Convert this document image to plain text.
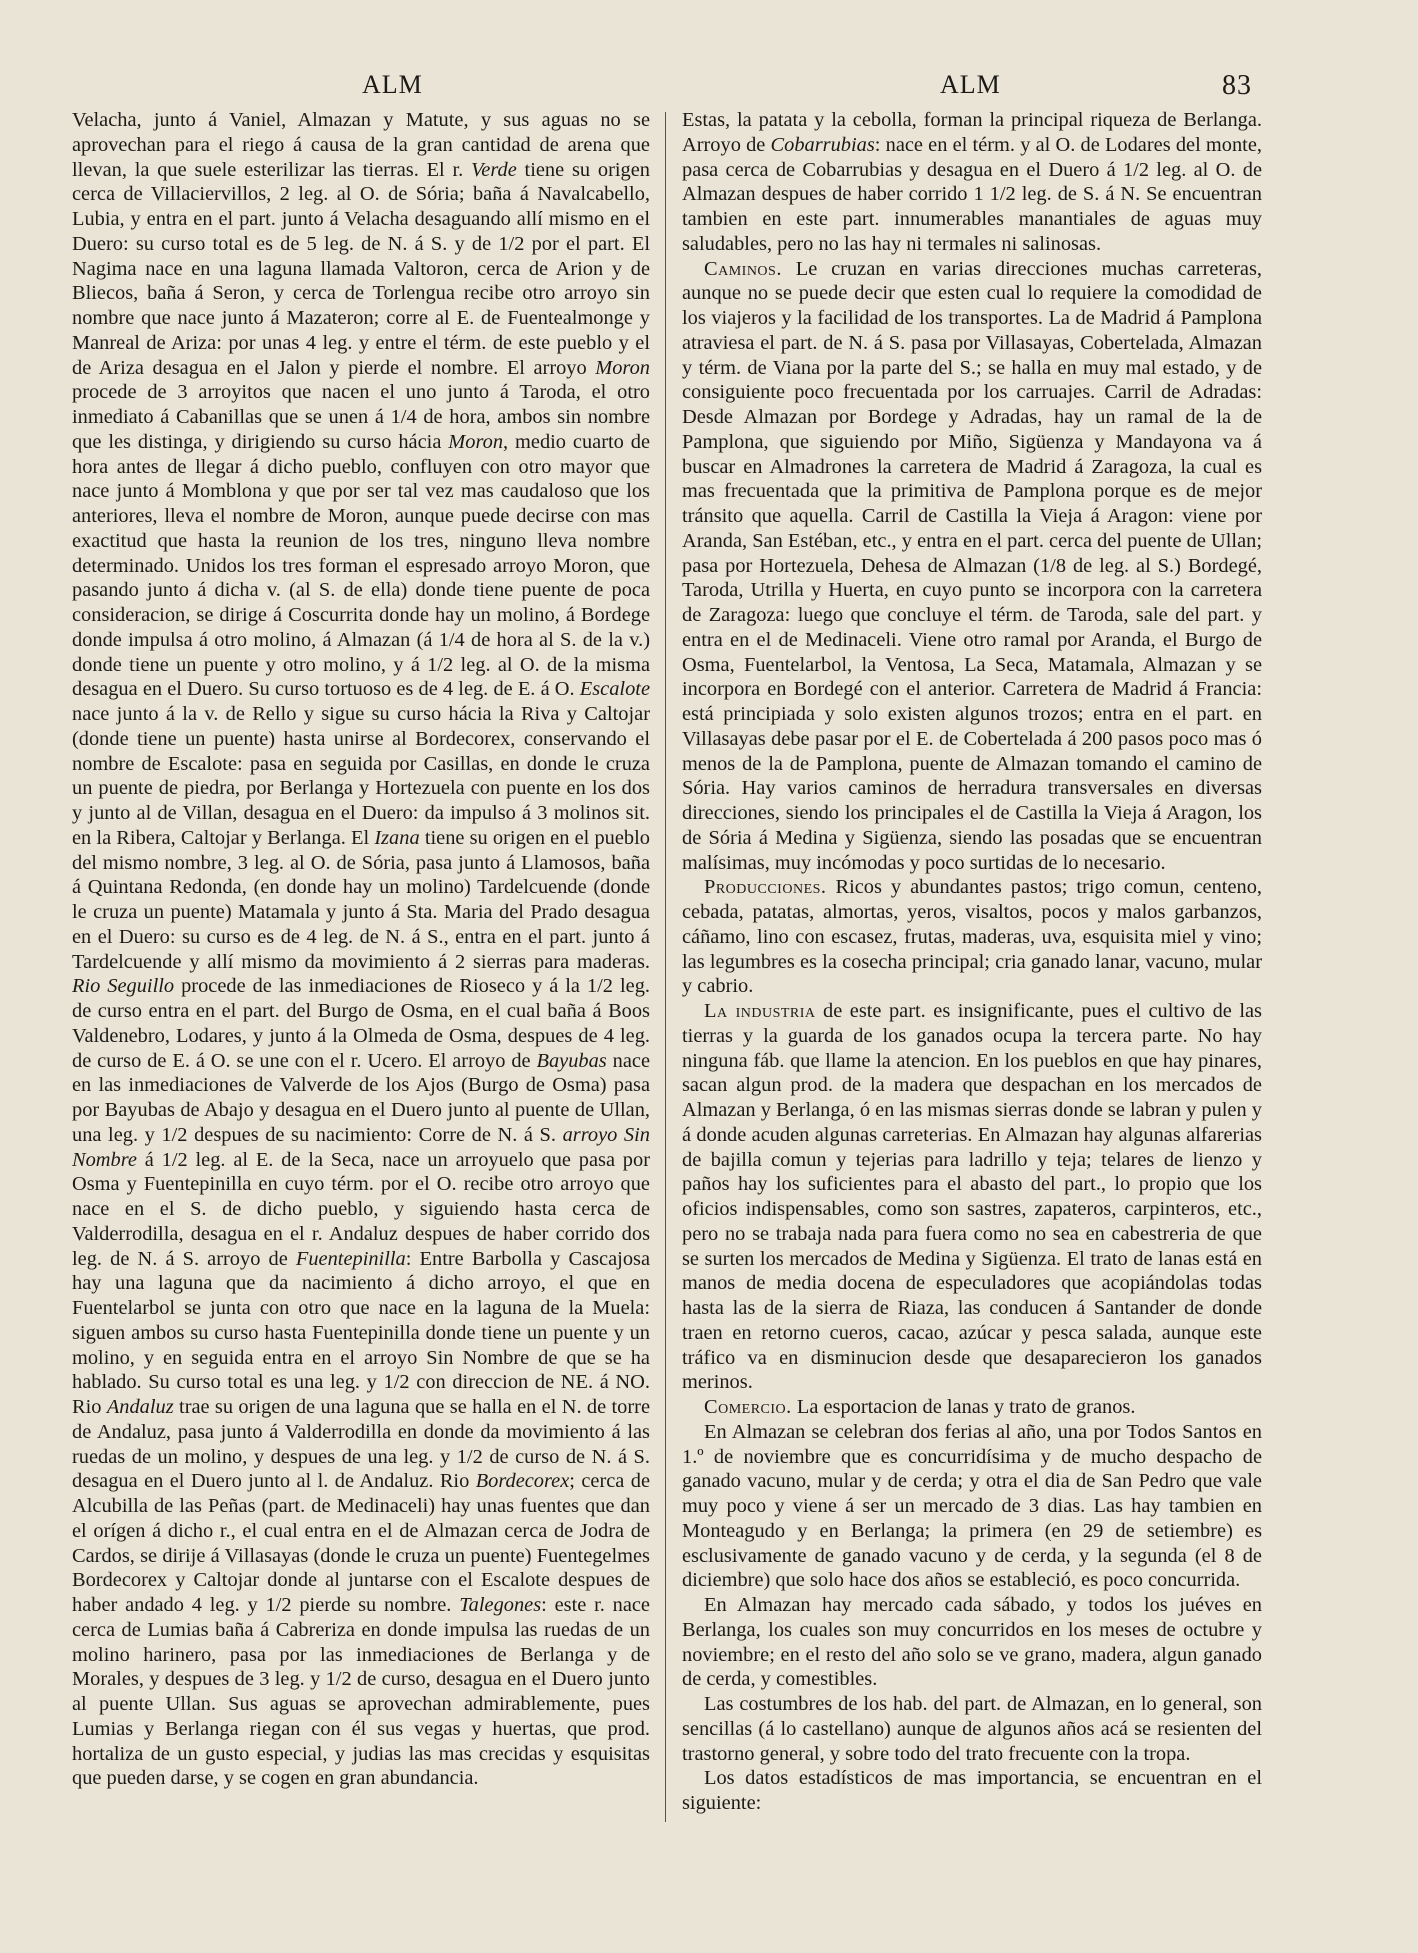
ALM	ALM	83

Velacha, junto á Vaniel, Almazan y Matute, y sus aguas no se aprovechan para el riego á causa de la gran cantidad de arena que llevan, la que suele esterilizar las tierras. El r. Verde tiene su origen cerca de Villaciervillos, 2 leg. al O. de Sória; baña á Navalcabello, Lubia, y entra en el part. junto á Velacha desaguando allí mismo en el Duero: su curso total es de 5 leg. de N. á S. y de 1/2 por el part. El Nagima nace en una laguna llamada Valtoron, cerca de Arion y de Bliecos, baña á Seron, y cerca de Torlengua recibe otro arroyo sin nombre que nace junto á Mazateron; corre al E. de Fuentealmonge y Manreal de Ariza: por unas 4 leg. y entre el térm. de este pueblo y el de Ariza desagua en el Jalon y pierde el nombre. El arroyo Moron procede de 3 arroyitos que nacen el uno junto á Taroda, el otro inmediato á Cabanillas que se unen á 1/4 de hora, ambos sin nombre que les distinga, y dirigiendo su curso hácia Moron, medio cuarto de hora antes de llegar á dicho pueblo, confluyen con otro mayor que nace junto á Momblona y que por ser tal vez mas caudaloso que los anteriores, lleva el nombre de Moron, aunque puede decirse con mas exactitud que hasta la reunion de los tres, ninguno lleva nombre determinado. Unidos los tres forman el espresado arroyo Moron, que pasando junto á dicha v. (al S. de ella) donde tiene puente de poca consideracion, se dirige á Coscurrita donde hay un molino, á Bordege donde impulsa á otro molino, á Almazan (á 1/4 de hora al S. de la v.) donde tiene un puente y otro molino, y á 1/2 leg. al O. de la misma desagua en el Duero. Su curso tortuoso es de 4 leg. de E. á O. Escalote nace junto á la v. de Rello y sigue su curso hácia la Riva y Caltojar (donde tiene un puente) hasta unirse al Bordecorex, conservando el nombre de Escalote: pasa en seguida por Casillas, en donde le cruza un puente de piedra, por Berlanga y Hortezuela con puente en los dos y junto al de Villan, desagua en el Duero: da impulso á 3 molinos sit. en la Ribera, Caltojar y Berlanga. El Izana tiene su origen en el pueblo del mismo nombre, 3 leg. al O. de Sória, pasa junto á Llamosos, baña á Quintana Redonda, (en donde hay un molino) Tardelcuende (donde le cruza un puente) Matamala y junto á Sta. Maria del Prado desagua en el Duero: su curso es de 4 leg. de N. á S., entra en el part. junto á Tardelcuende y allí mismo da movimiento á 2 sierras para maderas. Rio Seguillo procede de las inmediaciones de Rioseco y á la 1/2 leg. de curso entra en el part. del Burgo de Osma, en el cual baña á Boos Valdenebro, Lodares, y junto á la Olmeda de Osma, despues de 4 leg. de curso de E. á O. se une con el r. Ucero. El arroyo de Bayubas nace en las inmediaciones de Valverde de los Ajos (Burgo de Osma) pasa por Bayubas de Abajo y desagua en el Duero junto al puente de Ullan, una leg. y 1/2 despues de su nacimiento: Corre de N. á S. arroyo Sin Nombre á 1/2 leg. al E. de la Seca, nace un arroyuelo que pasa por Osma y Fuentepinilla en cuyo térm. por el O. recibe otro arroyo que nace en el S. de dicho pueblo, y siguiendo hasta cerca de Valderrodilla, desagua en el r. Andaluz despues de haber corrido dos leg. de N. á S. arroyo de Fuentepinilla: Entre Barbolla y Cascajosa hay una laguna que da nacimiento á dicho arroyo, el que en Fuentelarbol se junta con otro que nace en la laguna de la Muela: siguen ambos su curso hasta Fuentepinilla donde tiene un puente y un molino, y en seguida entra en el arroyo Sin Nombre de que se ha hablado. Su curso total es una leg. y 1/2 con direccion de NE. á NO. Rio Andaluz trae su origen de una laguna que se halla en el N. de torre de Andaluz, pasa junto á Valderrodilla en donde da movimiento á las ruedas de un molino, y despues de una leg. y 1/2 de curso de N. á S. desagua en el Duero junto al l. de Andaluz. Rio Bordecorex; cerca de Alcubilla de las Peñas (part. de Medinaceli) hay unas fuentes que dan el orígen á dicho r., el cual entra en el de Almazan cerca de Jodra de Cardos, se dirije á Villasayas (donde le cruza un puente) Fuentegelmes Bordecorex y Caltojar donde al juntarse con el Escalote despues de haber andado 4 leg. y 1/2 pierde su nombre. Talegones: este r. nace cerca de Lumias baña á Cabreriza en donde impulsa las ruedas de un molino harinero, pasa por las inmediaciones de Berlanga y de Morales, y despues de 3 leg. y 1/2 de curso, desagua en el Duero junto al puente Ullan. Sus aguas se aprovechan admirablemente, pues Lumias y Berlanga riegan con él sus vegas y huertas, que prod. hortaliza de un gusto especial, y judias las mas crecidas y esquisitas que pueden darse, y se cogen en gran abundancia.

Estas, la patata y la cebolla, forman la principal riqueza de Berlanga. Arroyo de Cobarrubias: nace en el térm. y al O. de Lodares del monte, pasa cerca de Cobarrubias y desagua en el Duero á 1/2 leg. al O. de Almazan despues de haber corrido 1 1/2 leg. de S. á N. Se encuentran tambien en este part. innumerables manantiales de aguas muy saludables, pero no las hay ni termales ni salinosas.

Caminos. Le cruzan en varias direcciones muchas carreteras, aunque no se puede decir que esten cual lo requiere la comodidad de los viajeros y la facilidad de los transportes. La de Madrid á Pamplona atraviesa el part. de N. á S. pasa por Villasayas, Cobertelada, Almazan y térm. de Viana por la parte del S.; se halla en muy mal estado, y de consiguiente poco frecuentada por los carruajes. Carril de Adradas: Desde Almazan por Bordege y Adradas, hay un ramal de la de Pamplona, que siguiendo por Miño, Sigüenza y Mandayona va á buscar en Almadrones la carretera de Madrid á Zaragoza, la cual es mas frecuentada que la primitiva de Pamplona porque es de mejor tránsito que aquella. Carril de Castilla la Vieja á Aragon: viene por Aranda, San Estéban, etc., y entra en el part. cerca del puente de Ullan; pasa por Hortezuela, Dehesa de Almazan (1/8 de leg. al S.) Bordegé, Taroda, Utrilla y Huerta, en cuyo punto se incorpora con la carretera de Zaragoza: luego que concluye el térm. de Taroda, sale del part. y entra en el de Medinaceli. Viene otro ramal por Aranda, el Burgo de Osma, Fuentelarbol, la Ventosa, La Seca, Matamala, Almazan y se incorpora en Bordegé con el anterior. Carretera de Madrid á Francia: está principiada y solo existen algunos trozos; entra en el part. en Villasayas debe pasar por el E. de Cobertelada á 200 pasos poco mas ó menos de la de Pamplona, puente de Almazan tomando el camino de Sória. Hay varios caminos de herradura transversales en diversas direcciones, siendo los principales el de Castilla la Vieja á Aragon, los de Sória á Medina y Sigüenza, siendo las posadas que se encuentran malísimas, muy incómodas y poco surtidas de lo necesario.

Producciones. Ricos y abundantes pastos; trigo comun, centeno, cebada, patatas, almortas, yeros, visaltos, pocos y malos garbanzos, cáñamo, lino con escasez, frutas, maderas, uva, esquisita miel y vino; las legumbres es la cosecha principal; cria ganado lanar, vacuno, mular y cabrio.

La industria de este part. es insignificante, pues el cultivo de las tierras y la guarda de los ganados ocupa la tercera parte. No hay ninguna fáb. que llame la atencion. En los pueblos en que hay pinares, sacan algun prod. de la madera que despachan en los mercados de Almazan y Berlanga, ó en las mismas sierras donde se labran y pulen y á donde acuden algunas carreterias. En Almazan hay algunas alfarerias de bajilla comun y tejerias para ladrillo y teja; telares de lienzo y paños hay los suficientes para el abasto del part., lo propio que los oficios indispensables, como son sastres, zapateros, carpinteros, etc., pero no se trabaja nada para fuera como no sea en cabestreria de que se surten los mercados de Medina y Sigüenza. El trato de lanas está en manos de media docena de especuladores que acopiándolas todas hasta las de la sierra de Riaza, las conducen á Santander de donde traen en retorno cueros, cacao, azúcar y pesca salada, aunque este tráfico va en disminucion desde que desaparecieron los ganados merinos.

Comercio. La esportacion de lanas y trato de granos.

En Almazan se celebran dos ferias al año, una por Todos Santos en 1.º de noviembre que es concurridísima y de mucho despacho de ganado vacuno, mular y de cerda; y otra el dia de San Pedro que vale muy poco y viene á ser un mercado de 3 dias. Las hay tambien en Monteagudo y en Berlanga; la primera (en 29 de setiembre) es esclusivamente de ganado vacuno y de cerda, y la segunda (el 8 de diciembre) que solo hace dos años se estableció, es poco concurrida.

En Almazan hay mercado cada sábado, y todos los juéves en Berlanga, los cuales son muy concurridos en los meses de octubre y noviembre; en el resto del año solo se ve grano, madera, algun ganado de cerda, y comestibles.

Las costumbres de los hab. del part. de Almazan, en lo general, son sencillas (á lo castellano) aunque de algunos años acá se resienten del trastorno general, y sobre todo del trato frecuente con la tropa.

Los datos estadísticos de mas importancia, se encuentran en el siguiente:
